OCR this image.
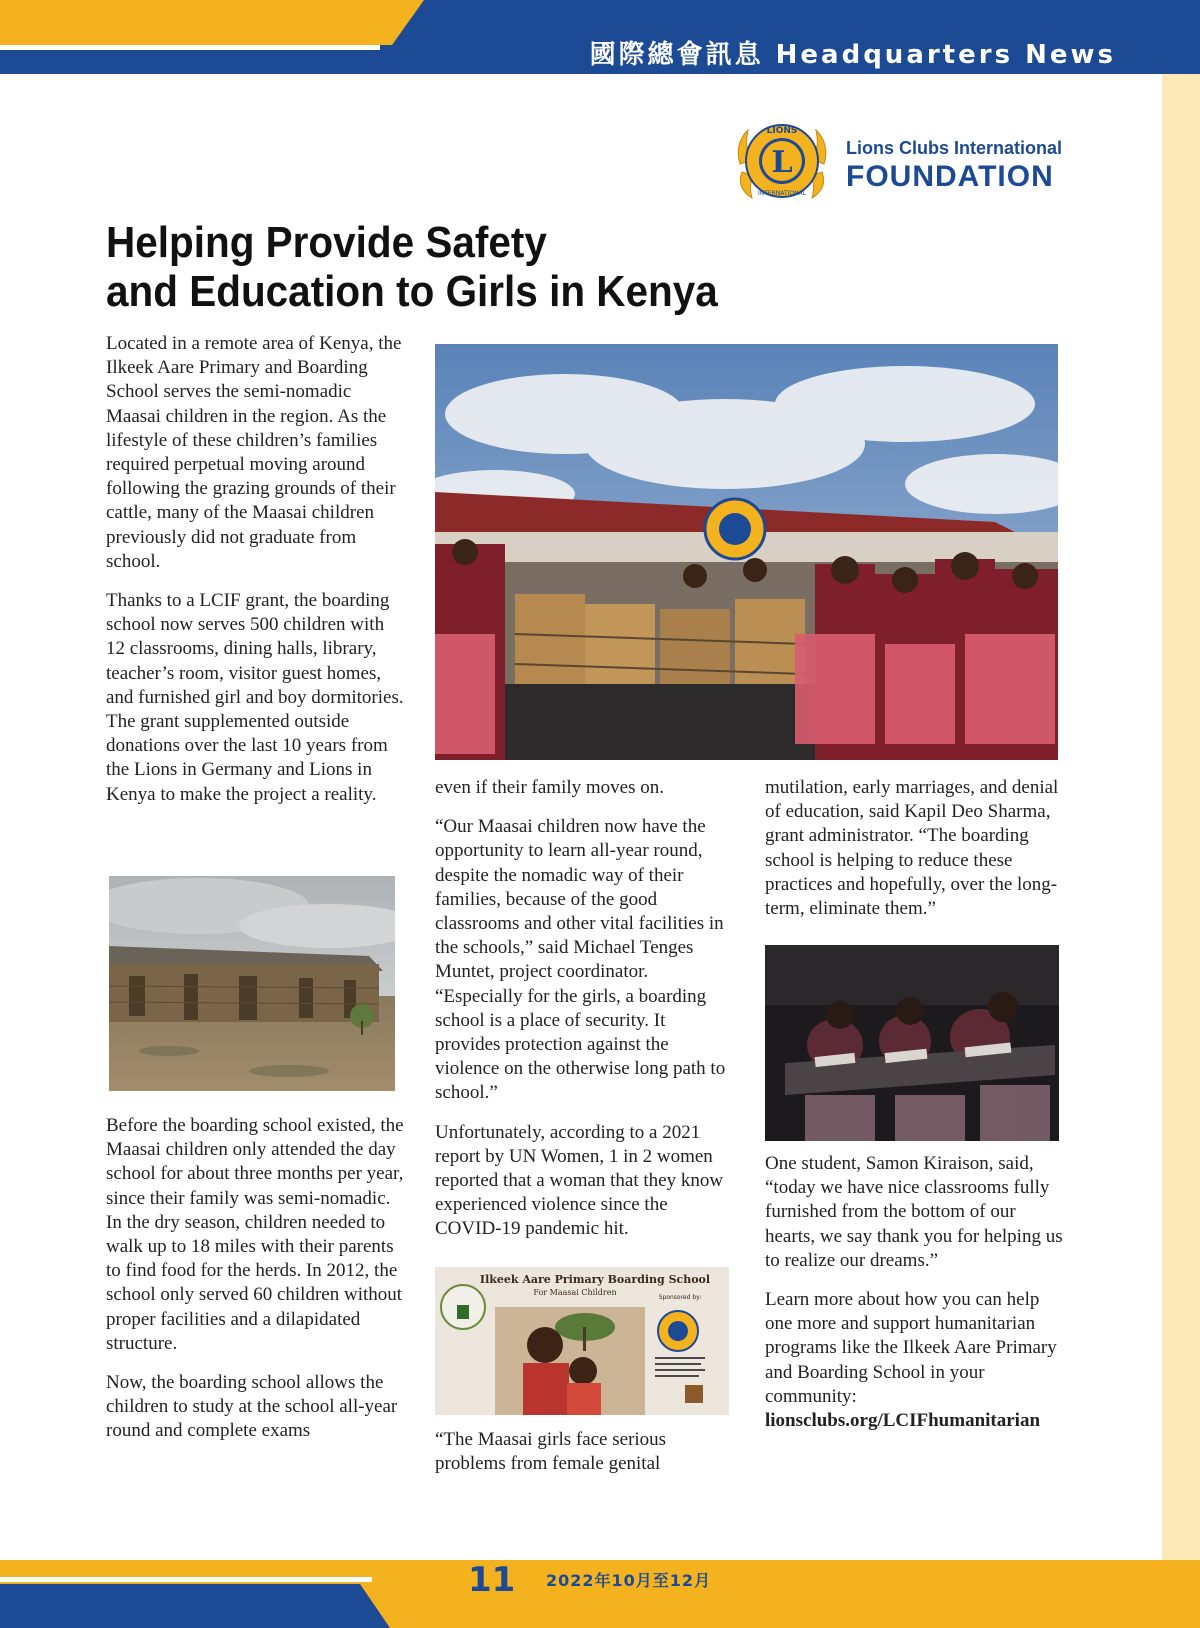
國際總會訊息 Headquarters News
L
LIONS
INTERNATIONAL
Lions Clubs International
FOUNDATION
Helping Provide Safety
and Education to Girls in Kenya

Located in a remote area of Kenya, the Ilkeek Aare Primary and Boarding School serves the semi-nomadic Maasai children in the region. As the lifestyle of these children’s families required perpetual moving around following the grazing grounds of their cattle, many of the Maasai children previously did not graduate from school.

Thanks to a LCIF grant, the boarding school now serves 500 children with 12 classrooms, dining halls, library, teacher’s room, visitor guest homes, and furnished girl and boy dormitories. The grant supplemented outside donations over the last 10 years from the Lions in Germany and Lions in Kenya to make the project a reality.

Before the boarding school existed, the Maasai children only attended the day school for about three months per year, since their family was semi-nomadic. In the dry season, children needed to walk up to 18 miles with their parents to find food for the herds. In 2012, the school only served 60 children without proper facilities and a dilapidated structure.

Now, the boarding school allows the children to study at the school all-year round and complete exams

even if their family moves on.

“Our Maasai children now have the opportunity to learn all-year round, despite the nomadic way of their families, because of the good classrooms and other vital facilities in the schools,” said Michael Tenges Muntet, project coordinator. “Especially for the girls, a boarding school is a place of security. It provides protection against the violence on the otherwise long path to school.”

Unfortunately, according to a 2021 report by UN Women, 1 in 2 women reported that a woman that they know experienced violence since the COVID-19 pandemic hit.

Ilkeek Aare Primary Boarding School
For Maasai Children
Sponsored by:

“The Maasai girls face serious problems from female genital

mutilation, early marriages, and denial of education, said Kapil Deo Sharma, grant administrator. “The boarding school is helping to reduce these practices and hopefully, over the long-term, eliminate them.”

One student, Samon Kiraison, said, “today we have nice classrooms fully furnished from the bottom of our hearts, we say thank you for helping us to realize our dreams.”

Learn more about how you can help one more and support humanitarian programs like the Ilkeek Aare Primary and Boarding School in your community: lionsclubs.org/LCIFhumanitarian

11 2022年10月至12月
